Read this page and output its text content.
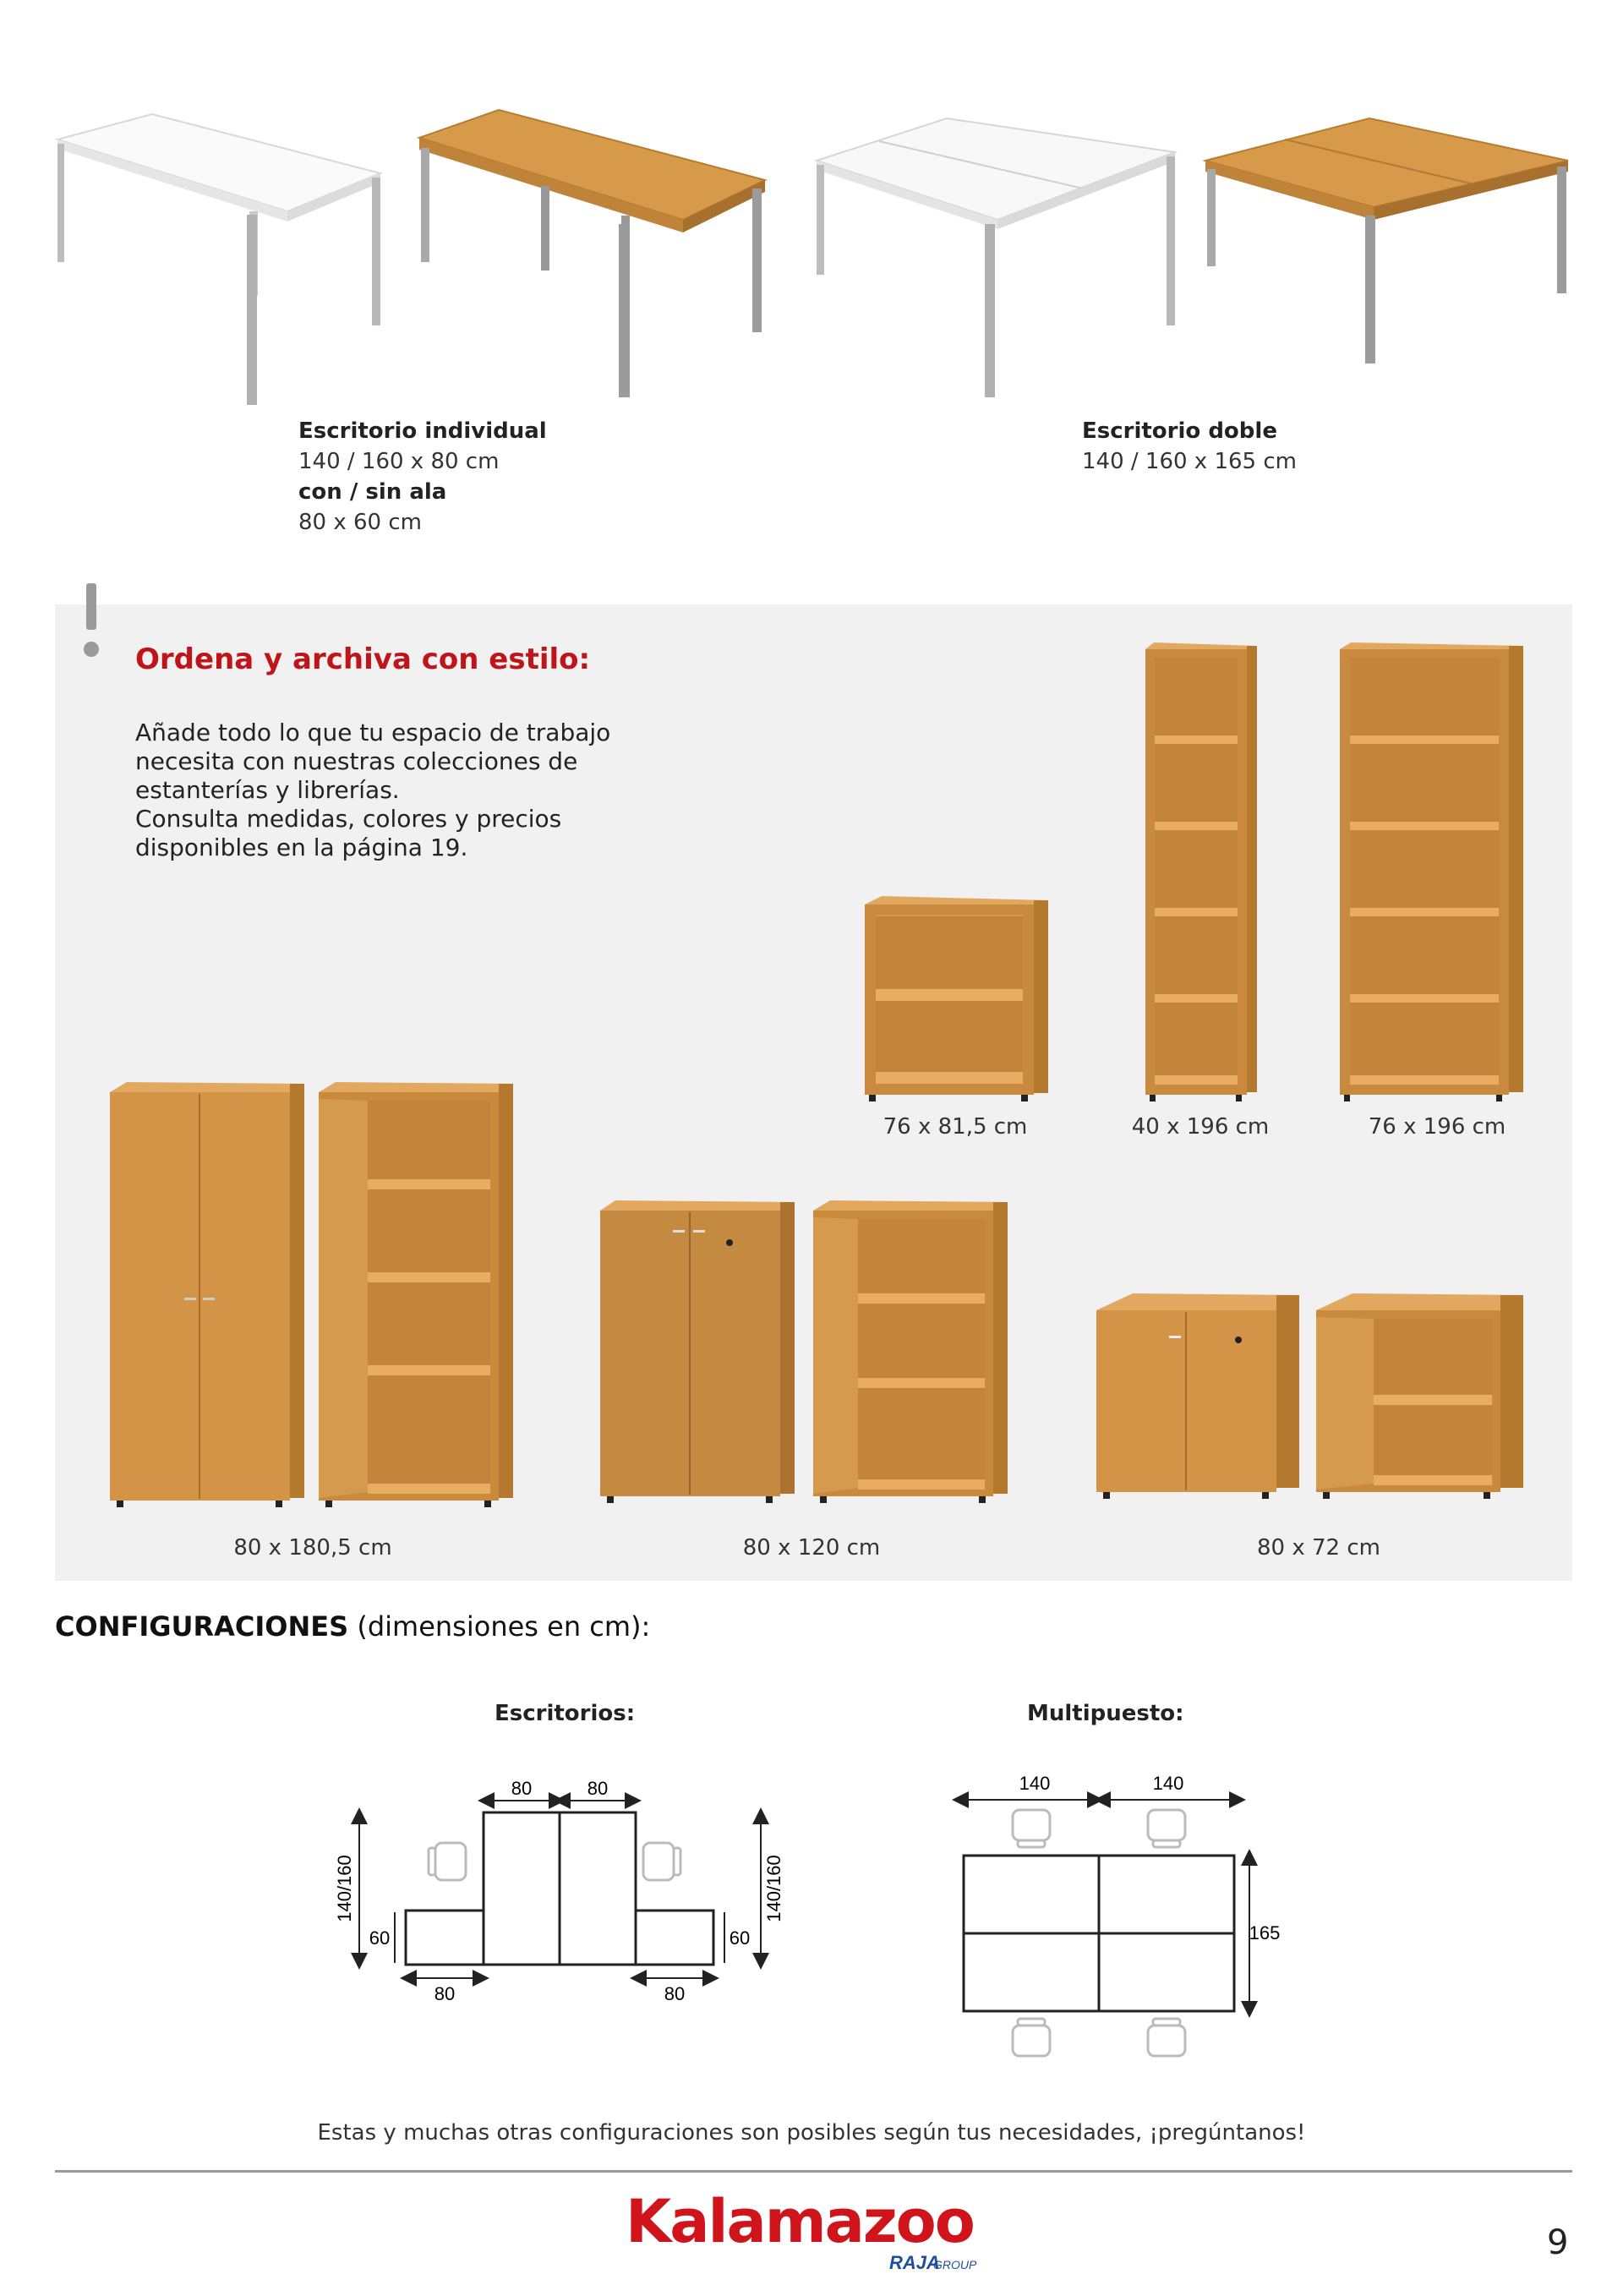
Escritorio individual
140 / 160 x 80 cm
con / sin ala
80 x 60 cm
Escritorio doble
140 / 160 x 165 cm
Ordena y archiva con estilo:
Añade todo lo que tu espacio de trabajo
necesita con nuestras colecciones de
estanterías y librerías.
Consulta medidas, colores y precios
disponibles en la página 19.
76 x 81,5 cm	40 x 196 cm	76 x 196 cm
80 x 180,5 cm	80 x 120 cm	80 x 72 cm
CONFIGURACIONES (dimensiones en cm):
Escritorios:	Multipuesto:
80	80
140/160	140/160
60	60
80	80
140	140
165
Estas y muchas otras configuraciones son posibles según tus necesidades, ¡pregúntanos!
Kalamazoo
RAJA
GROUP
9
